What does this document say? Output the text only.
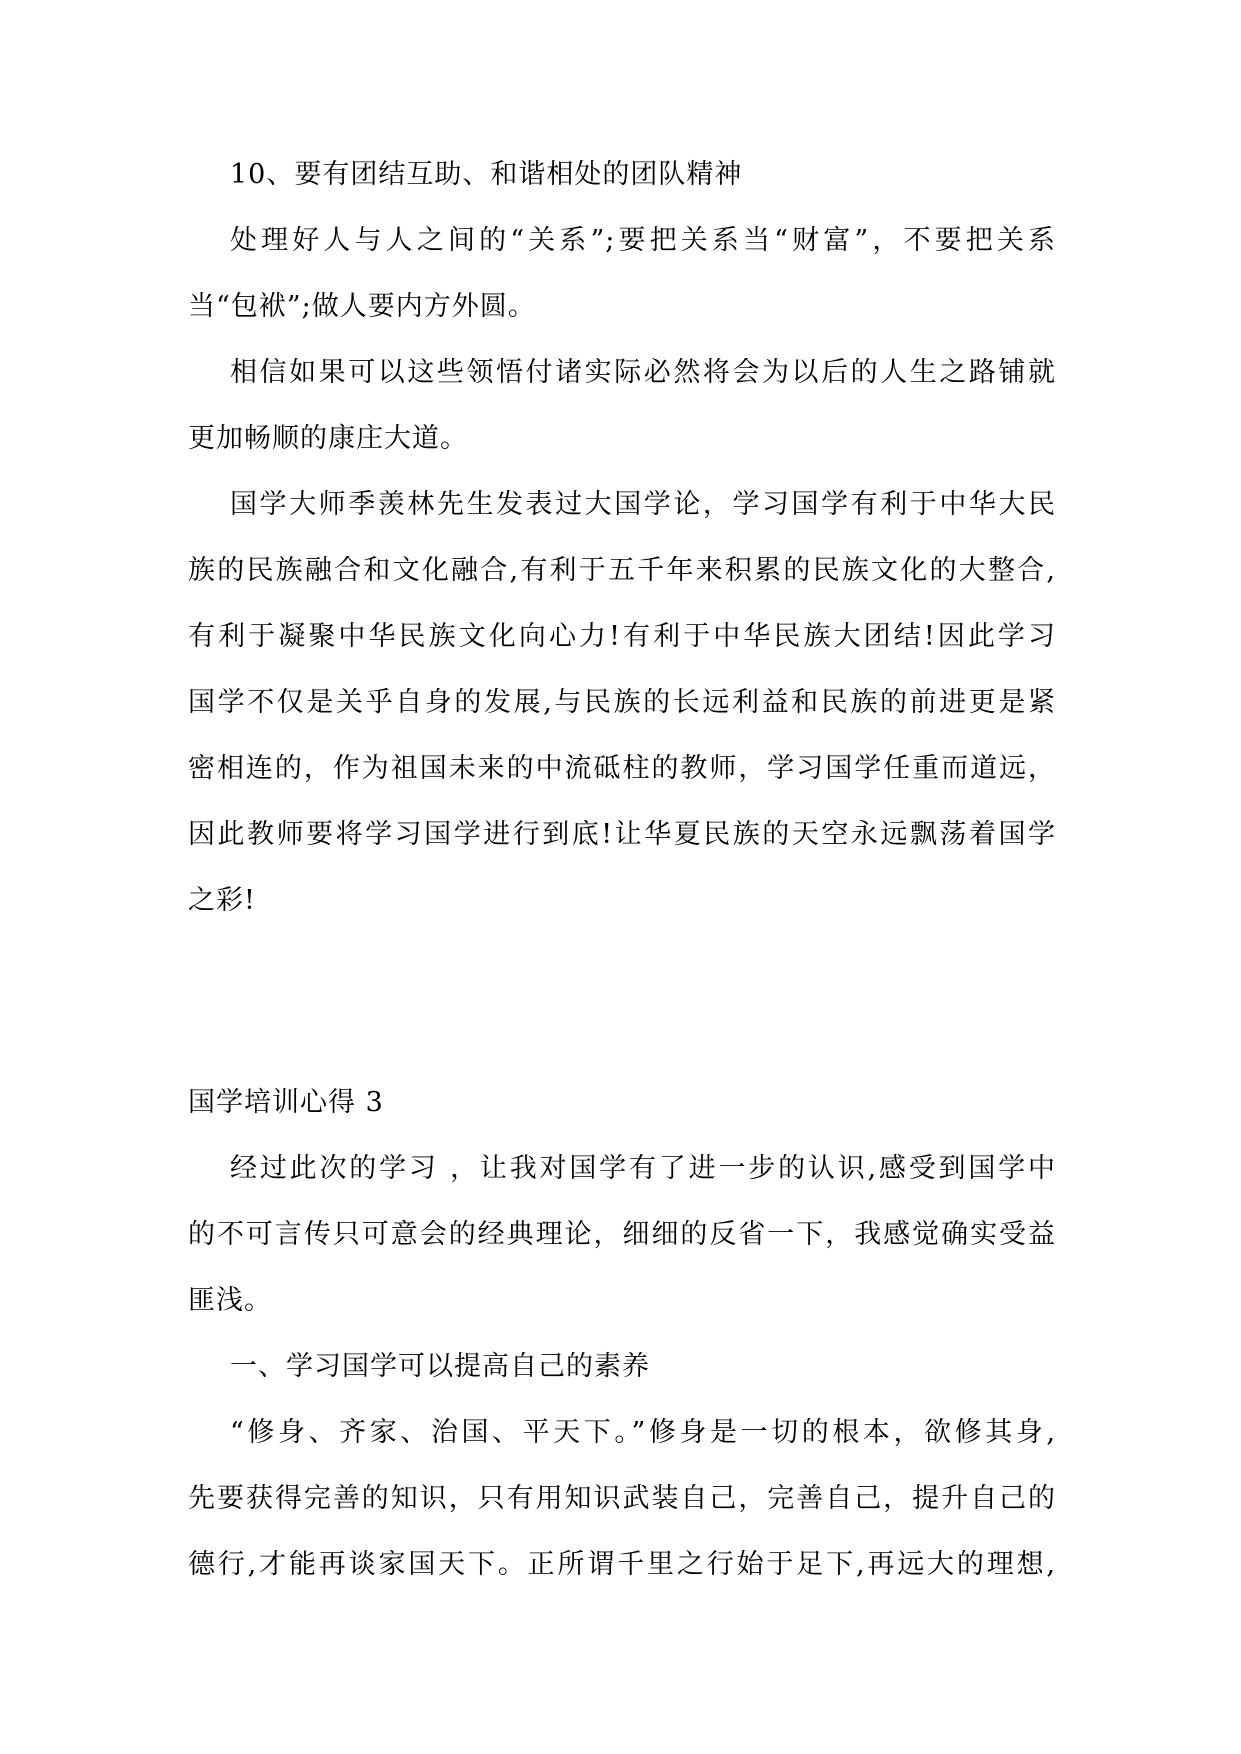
10、要有团结互助、和谐相处的团队精神
处理好人与人之间的“关系”;要把关系当“财富”，不要把关系
当“包袱”;做人要内方外圆。
相信如果可以这些领悟付诸实际必然将会为以后的人生之路铺就
更加畅顺的康庄大道。
国学大师季羡林先生发表过大国学论，学习国学有利于中华大民
族的民族融合和文化融合,有利于五千年来积累的民族文化的大整合,
有利于凝聚中华民族文化向心力!有利于中华民族大团结!因此学习
国学不仅是关乎自身的发展,与民族的长远利益和民族的前进更是紧
密相连的，作为祖国未来的中流砥柱的教师，学习国学任重而道远，
因此教师要将学习国学进行到底!让华夏民族的天空永远飘荡着国学
之彩!
国学培训心得 3
经过此次的学习 ，让我对国学有了进一步的认识,感受到国学中
的不可言传只可意会的经典理论，细细的反省一下，我感觉确实受益
匪浅。
一、学习国学可以提高自己的素养
“修身、齐家、治国、平天下。”修身是一切的根本，欲修其身,
先要获得完善的知识，只有用知识武装自己，完善自己，提升自己的
德行,才能再谈家国天下。正所谓千里之行始于足下,再远大的理想,
